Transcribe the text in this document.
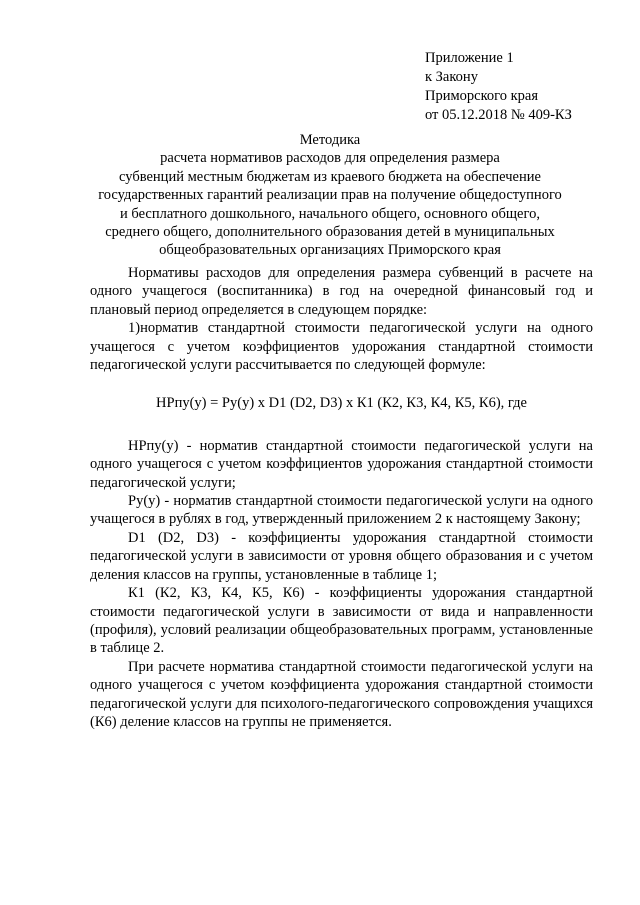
Приложение 1
к Закону
Приморского края
от 05.12.2018 № 409-КЗ
Методика
расчета нормативов расходов для определения размера
субвенций местным бюджетам из краевого бюджета на обеспечение
государственных гарантий реализации прав на получение общедоступного
и бесплатного дошкольного, начального общего, основного общего,
среднего общего, дополнительного образования детей в муниципальных
общеобразовательных организациях Приморского края

Нормативы расходов для определения размера субвенций в расчете на одного учащегося (воспитанника) в год на очередной финансовый год и плановый период определяется в следующем порядке:

1)норматив стандартной стоимости педагогической услуги на одного учащегося с учетом коэффициентов удорожания стандартной стоимости педагогической услуги рассчитывается по следующей формуле:

НРпу(у) = Ру(у) х D1 (D2, D3) х К1 (К2, К3, К4, К5, К6), где

НРпу(у) - норматив стандартной стоимости педагогической услуги на одного учащегося с учетом коэффициентов удорожания стандартной стоимости педагогической услуги;

Ру(у) - норматив стандартной стоимости педагогической услуги на одного учащегося в рублях в год, утвержденный приложением 2 к настоящему Закону;

D1 (D2, D3) - коэффициенты удорожания стандартной стоимости педагогической услуги в зависимости от уровня общего образования и с учетом деления классов на группы, установленные в таблице 1;

К1 (К2, К3, К4, К5, К6) - коэффициенты удорожания стандартной стоимости педагогической услуги в зависимости от вида и направленности (профиля), условий реализации общеобразовательных программ, установленные в таблице 2.

При расчете норматива стандартной стоимости педагогической услуги на одного учащегося с учетом коэффициента удорожания стандартной стоимости педагогической услуги для психолого-педагогического сопровождения учащихся (К6) деление классов на группы не применяется.
